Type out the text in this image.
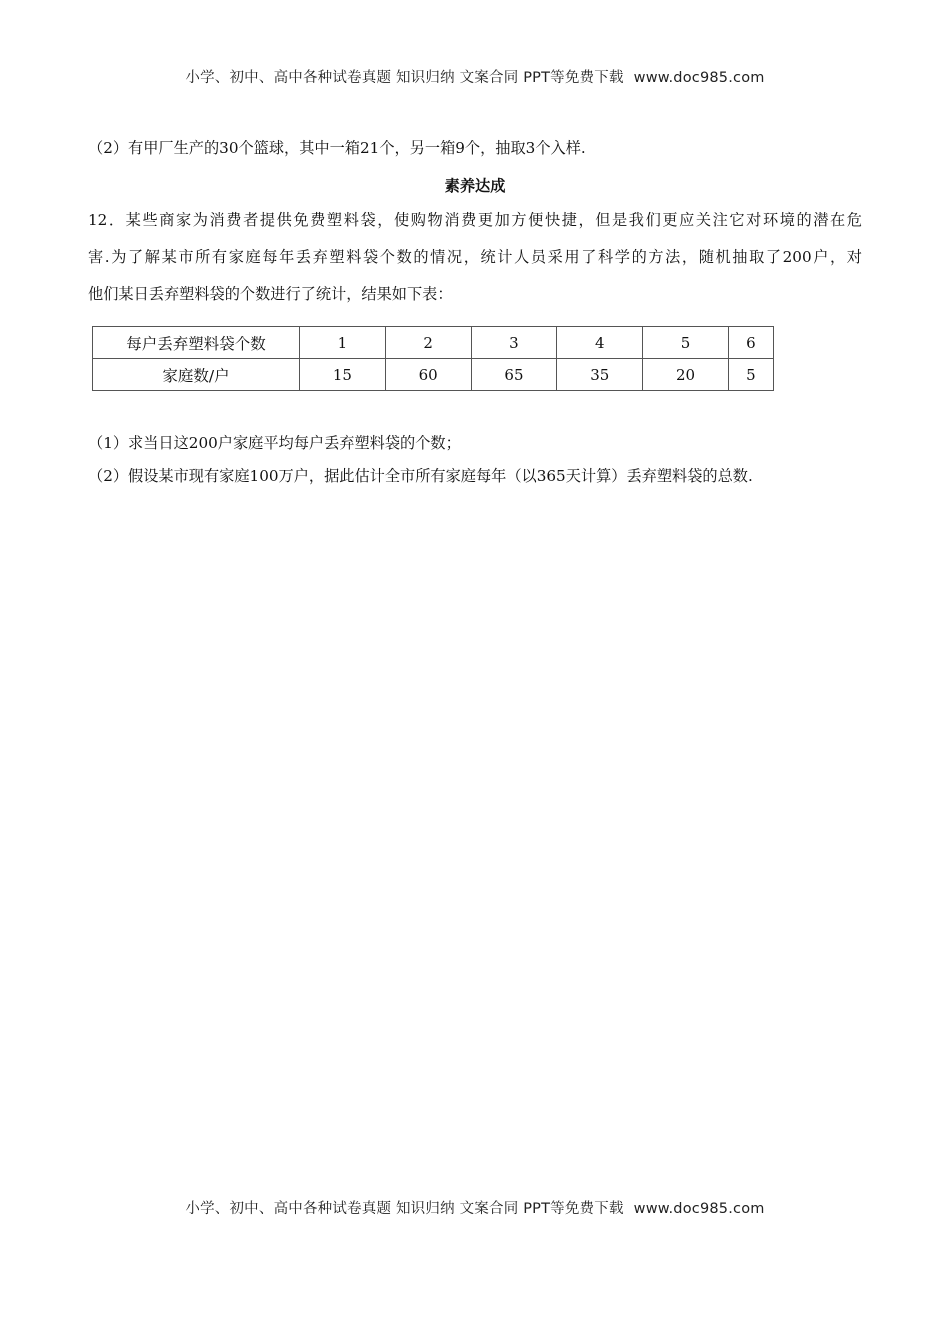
小学、初中、高中各种试卷真题 知识归纳 文案合同 PPT等免费下载 www.doc985.com
（2）有甲厂生产的30个篮球，其中一箱21个，另一箱9个，抽取3个入样.
素养达成
12．某些商家为消费者提供免费塑料袋，使购物消费更加方便快捷，但是我们更应关注它对环境的潜在危
害.为了解某市所有家庭每年丢弃塑料袋个数的情况，统计人员采用了科学的方法，随机抽取了200户，对
他们某日丢弃塑料袋的个数进行了统计，结果如下表：
每户丢弃塑料袋个数	1	2	3	4	5	6
家庭数/户	15	60	65	35	20	5
（1）求当日这200户家庭平均每户丢弃塑料袋的个数；
（2）假设某市现有家庭100万户，据此估计全市所有家庭每年（以365天计算）丢弃塑料袋的总数.
小学、初中、高中各种试卷真题 知识归纳 文案合同 PPT等免费下载 www.doc985.com
